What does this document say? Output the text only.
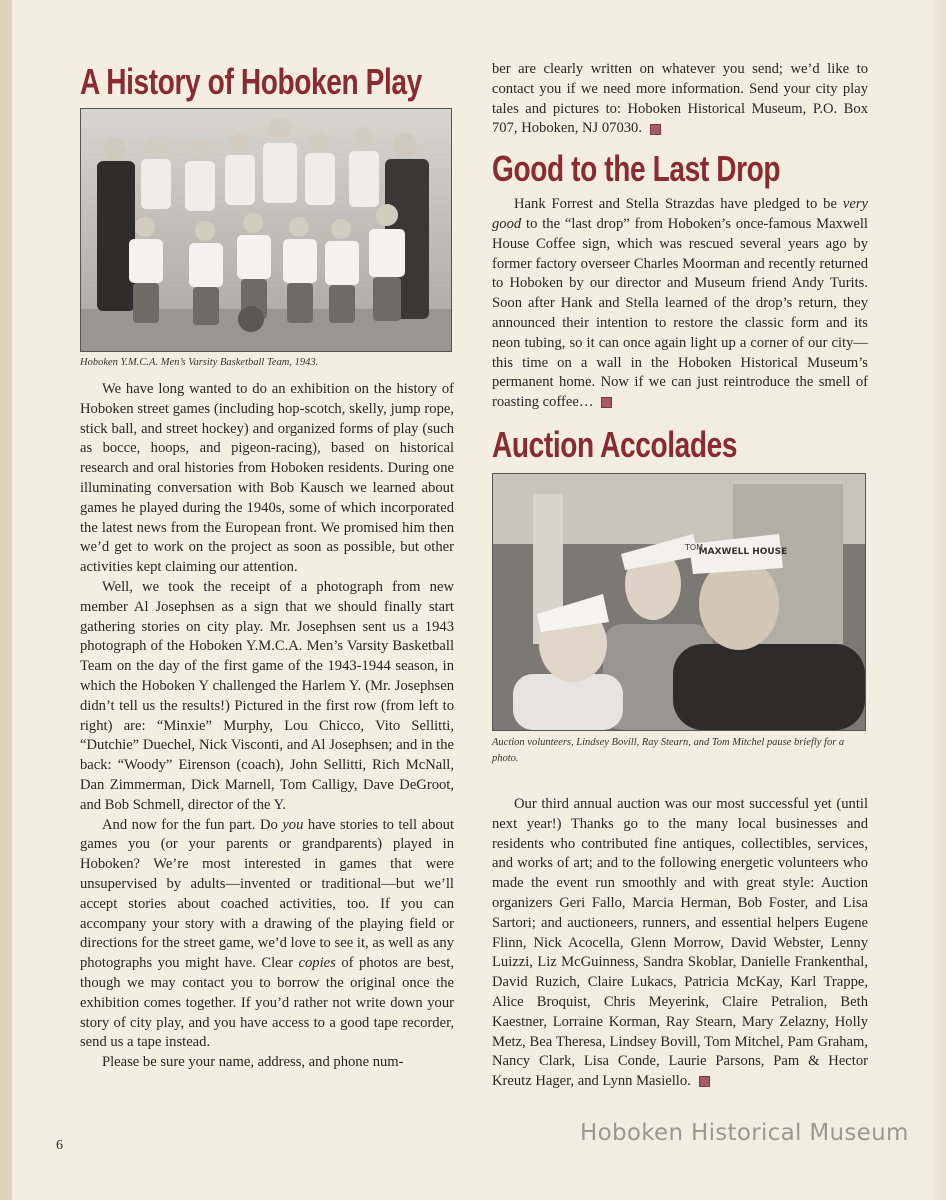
A History of Hoboken Play
Hoboken Y.M.C.A. Men’s Varsity Basketball Team, 1943.

We have long wanted to do an exhibition on the history of Hoboken street games (including hop-scotch, skelly, jump rope, stick ball, and street hockey) and organized forms of play (such as bocce, hoops, and pigeon-racing), based on historical research and oral histories from Hoboken residents. During one illuminating conversation with Bob Kausch we learned about games he played during the 1940s, some of which incorporated the latest news from the European front. We promised him then we’d get to work on the project as soon as possible, but other activities kept claiming our attention.

Well, we took the receipt of a photograph from new member Al Josephsen as a sign that we should finally start gathering stories on city play. Mr. Josephsen sent us a 1943 photograph of the Hoboken Y.M.C.A. Men’s Varsity Basketball Team on the day of the first game of the 1943-1944 season, in which the Hoboken Y challenged the Harlem Y. (Mr. Josephsen didn’t tell us the results!) Pictured in the first row (from left to right) are: “Minxie” Murphy, Lou Chicco, Vito Sellitti, “Dutchie” Duechel, Nick Visconti, and Al Josephsen; and in the back: “Woody” Eirenson (coach), John Sellitti, Rich McNall, Dan Zimmerman, Dick Marnell, Tom Calligy, Dave DeGroot, and Bob Schmell, director of the Y.

And now for the fun part. Do you have stories to tell about games you (or your parents or grandparents) played in Hoboken? We’re most interested in games that were unsupervised by adults—invented or traditional—but we’ll accept stories about coached activities, too. If you can accompany your story with a drawing of the playing field or directions for the street game, we’d love to see it, as well as any photographs you might have. Clear copies of photos are best, though we may contact you to borrow the original once the exhibition comes together. If you’d rather not write down your story of city play, and you have access to a good tape recorder, send us a tape instead.

Please be sure your name, address, and phone num-

ber are clearly written on whatever you send; we’d like to contact you if we need more information. Send your city play tales and pictures to: Hoboken Historical Museum, P.O. Box 707, Hoboken, NJ 07030.

Good to the Last Drop

Hank Forrest and Stella Strazdas have pledged to be very good to the “last drop” from Hoboken’s once-famous Maxwell House Coffee sign, which was rescued several years ago by former factory overseer Charles Moorman and recently returned to Hoboken by our director and Museum friend Andy Turits. Soon after Hank and Stella learned of the drop’s return, they announced their intention to restore the classic form and its neon tubing, so it can once again light up a corner of our city—this time on a wall in the Hoboken Historical Museum’s permanent home. Now if we can just reintroduce the smell of roasting coffee…

Auction Accolades
MAXWELL HOUSE
TOM
Auction volunteers, Lindsey Bovill, Ray Stearn, and Tom Mitchel pause briefly for a photo.

Our third annual auction was our most successful yet (until next year!) Thanks go to the many local businesses and residents who contributed fine antiques, collectibles, services, and works of art; and to the following energetic volunteers who made the event run smoothly and with great style: Auction organizers Geri Fallo, Marcia Herman, Bob Foster, and Lisa Sartori; and auctioneers, runners, and essential helpers Eugene Flinn, Nick Acocella, Glenn Morrow, David Webster, Lenny Luizzi, Liz McGuinness, Sandra Skoblar, Danielle Frankenthal, David Ruzich, Claire Lukacs, Patricia McKay, Karl Trappe, Alice Broquist, Chris Meyerink, Claire Petralion, Beth Kaestner, Lorraine Korman, Ray Stearn, Mary Zelazny, Holly Metz, Bea Theresa, Lindsey Bovill, Tom Mitchel, Pam Graham, Nancy Clark, Lisa Conde, Laurie Parsons, Pam & Hector Kreutz Hager, and Lynn Masiello.

6	Hoboken Historical Museum
